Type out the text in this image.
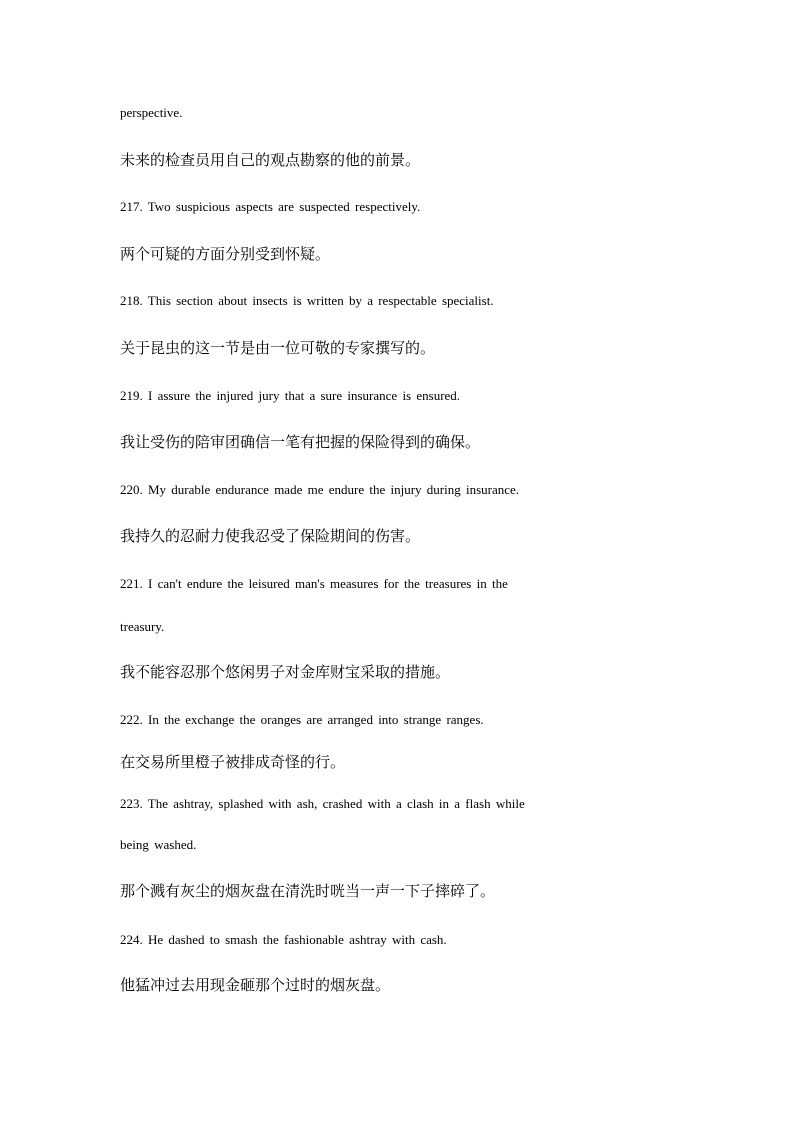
perspective.
未来的检查员用自己的观点勘察的他的前景。
217. Two suspicious aspects are suspected respectively.
两个可疑的方面分别受到怀疑。
218. This section about insects is written by a respectable specialist.
关于昆虫的这一节是由一位可敬的专家撰写的。
219. I assure the injured jury that a sure insurance is ensured.
我让受伤的陪审团确信一笔有把握的保险得到的确保。
220. My durable endurance made me endure the injury during insurance.
我持久的忍耐力使我忍受了保险期间的伤害。
221. I can't endure the leisured man's measures for the treasures in the
treasury.
我不能容忍那个悠闲男子对金库财宝采取的措施。
222. In the exchange the oranges are arranged into strange ranges.
在交易所里橙子被排成奇怪的行。
223. The ashtray, splashed with ash, crashed with a clash in a flash while
being washed.
那个溅有灰尘的烟灰盘在清洗时咣当一声一下子摔碎了。
224. He dashed to smash the fashionable ashtray with cash.
他猛冲过去用现金砸那个过时的烟灰盘。
